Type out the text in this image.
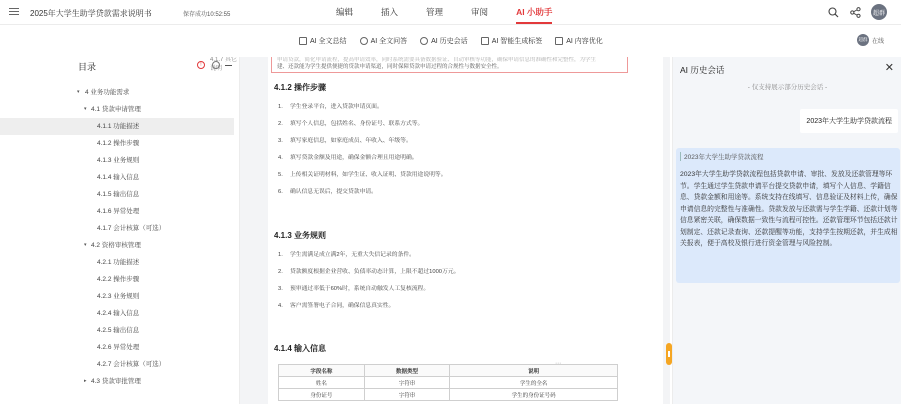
2025年大学生助学贷款需求说明书	保存成功10:52:55	编辑	插入	管理	审阅	AI 小助手	超群
AI 全文总结	AI 全文问答	AI 历史会话	AI 智能生成标签	AI 内容优化	超群 在线
4.1.7 其它说明
目录	!
▾ 4 业务功能需求
▾ 4.1 贷款申请管理
4.1.1 功能描述
4.1.2 操作步骤
4.1.3 业务规则
4.1.4 输入信息
4.1.5 输出信息
4.1.6 异常处理
4.1.7 会计核算（可选）
▾ 4.2 资格审核管理
4.2.1 功能描述
4.2.2 操作步骤
4.2.3 业务规则
4.2.4 输入信息
4.2.5 输出信息
4.2.6 异常处理
4.2.7 会计核算（可选）
▸ 4.3 贷款审批管理
申请贷款，简化申请流程，提高申请效率，同时系统需要具备数据验证、自动审核等功能，确保申请信息的准确性和完整性，为学生
建、还款能为学生提供便捷的贷款申请渠道，同时保障贷款申请过程的合规性与数据安全性。
4.1.2 操作步骤
1. 学生登录平台，进入贷款申请页面。
2. 填写个人信息，包括姓名、身份证号、联系方式等。
3. 填写家庭信息，如家庭成员、年收入、年级等。
4. 填写贷款金额及用途，确保金额合理且用途明确。
5. 上传相关证明材料，如学生证、收入证明、贷款用途说明等。
6. 确认信息无误后，提交贷款申请。
4.1.3 业务规则
1. 学生需满足成立满2年，无重大失信记录的条件。
2. 贷款额度根据企业营收、负债率动态计算，上限不超过1000万元。
3. 预审通过率低于60%时，系统自动触发人工复核流程。
4. 客户需签署电子合同，确保信息真实性。
4.1.4 输入信息
字段名称	数据类型	说明
姓名	字符串	学生的全名
身份证号	字符串	学生的身份证号码
AI 历史会话	✕
- 仅支持展示部分历史会话 -
2023年大学生助学贷款流程
2023年大学生助学贷款流程
2023年大学生助学贷款流程包括贷款申请、审批、发放及还款管理等环节。学生通过学生贷款申请平台提交贷款申请，填写个人信息、学籍信息、贷款金额和用途等。系统支持在线填写、信息验证及材料上传，确保申请信息的完整性与准确性。贷款发放与还款需与学生学籍、还款计划等信息紧密关联，确保数据一致性与流程可控性。还款管理环节包括还款计划制定、还款记录查询、还款提醒等功能，支持学生按期还款，并生成相关报表，便于高校及银行进行资金管理与风险控制。
